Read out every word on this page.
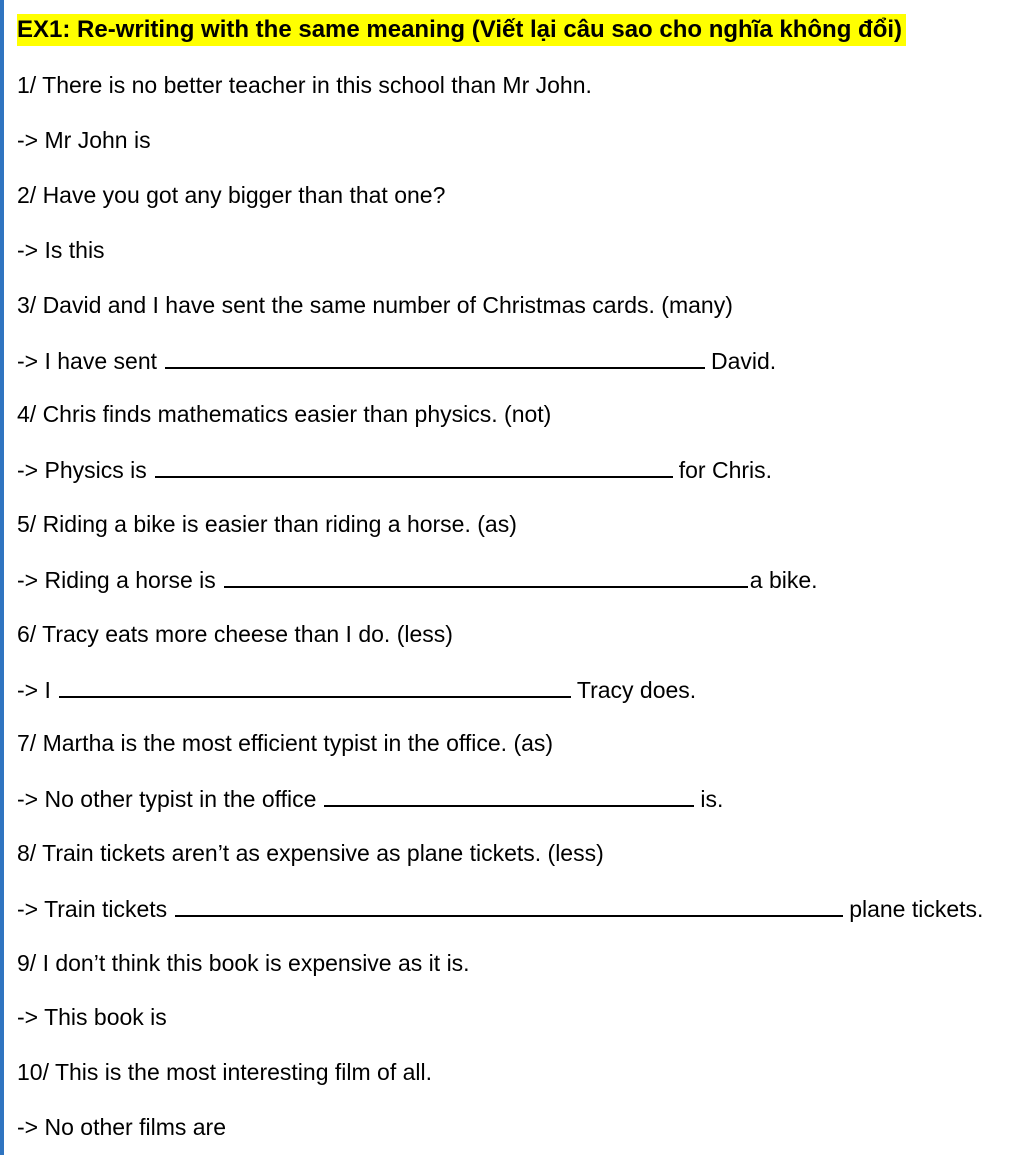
EX1: Re-writing with the same meaning (Viết lại câu sao cho nghĩa không đổi)
1/ There is no better teacher in this school than Mr John.
-> Mr John is
2/ Have you got any bigger than that one?
-> Is this
3/ David and I have sent the same number of Christmas cards. (many)
-> I have sent	David.
4/ Chris finds mathematics easier than physics. (not)
-> Physics is	for Chris.
5/ Riding a bike is easier than riding a horse. (as)
-> Riding a horse is	a bike.
6/ Tracy eats more cheese than I do. (less)
-> I	Tracy does.
7/ Martha is the most efficient typist in the office. (as)
-> No other typist in the office	is.
8/ Train tickets aren’t as expensive as plane tickets. (less)
-> Train tickets	plane tickets.
9/ I don’t think this book is expensive as it is.
-> This book is
10/ This is the most interesting film of all.
-> No other films are
